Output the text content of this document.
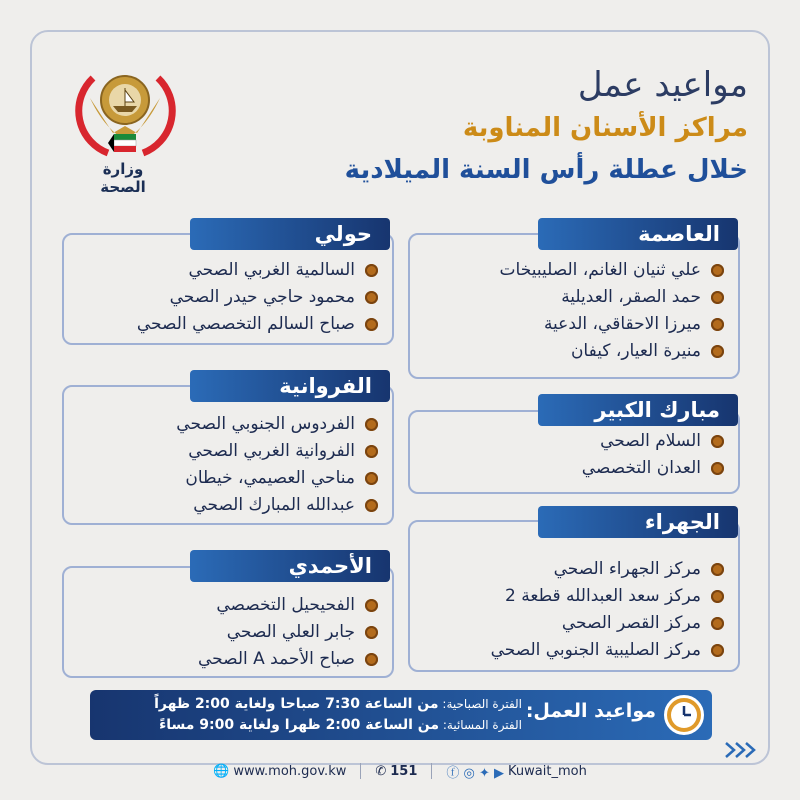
وزارة الصحة
مواعيد عمل
مراكز الأسنان المناوبة
خلال عطلة رأس السنة الميلادية
علي ثنيان الغانم، الصليبيخات
حمد الصقر، العديلية
ميرزا الاحقاقي، الدعية
منيرة العيار، كيفان
العاصمة
السالمية الغربي الصحي
محمود حاجي حيدر الصحي
صباح السالم التخصصي الصحي
حولي
الفردوس الجنوبي الصحي
الفروانية الغربي الصحي
مناحي العصيمي، خيطان
عبدالله المبارك الصحي
الفروانية
السلام الصحي
العدان التخصصي
مبارك الكبير
مركز الجهراء الصحي
مركز سعد العبدالله قطعة 2
مركز القصر الصحي
مركز الصليبية الجنوبي الصحي
الجهراء
الفحيحيل التخصصي
جابر العلي الصحي
صباح الأحمد A الصحي
الأحمدي
مواعيد العمل:
الفترة الصباحية: من الساعة 7:30 صباحا ولغاية 2:00 ظهراً
الفترة المسائية: من الساعة 2:00 ظهرا ولغاية 9:00 مساءً
🌐 www.moh.gov.kw ✆ 151 ⓕ ◎ ✦ ▶ Kuwait_moh
